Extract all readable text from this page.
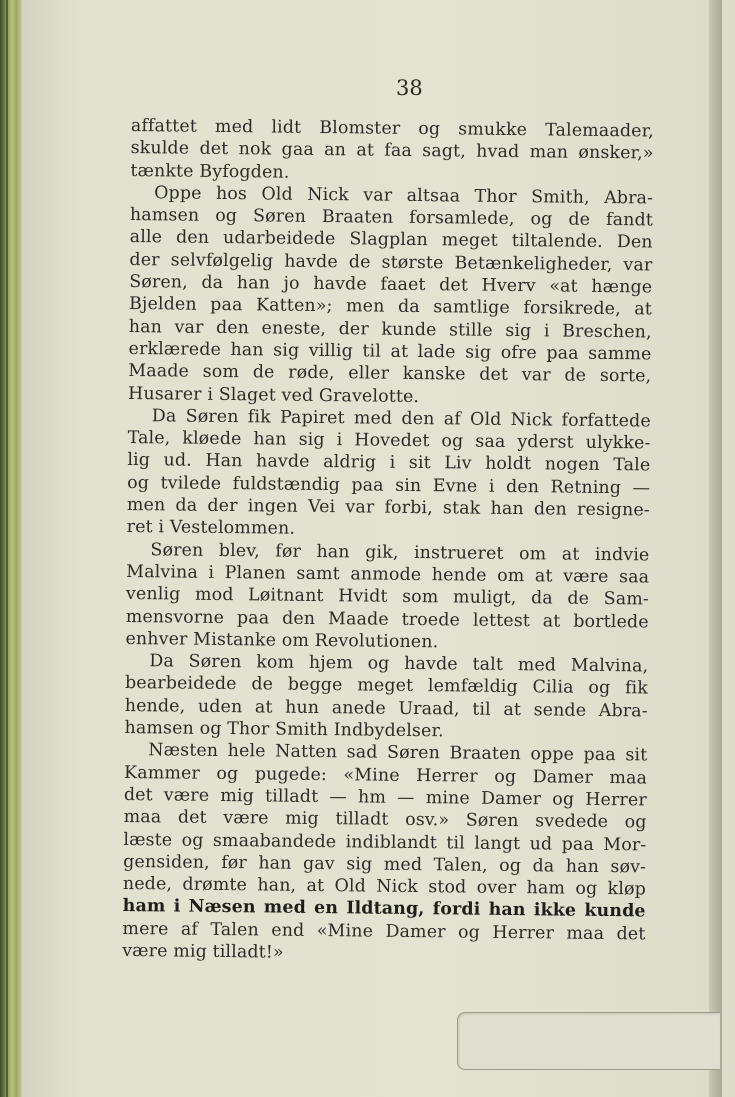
38
affattet med lidt Blomster og smukke Talemaader,
skulde det nok gaa an at faa sagt, hvad man ønsker,»
tænkte Byfogden.
Oppe hos Old Nick var altsaa Thor Smith, Abra-
hamsen og Søren Braaten forsamlede, og de fandt
alle den udarbeidede Slagplan meget tiltalende. Den
der selvfølgelig havde de største Betænkeligheder, var
Søren, da han jo havde faaet det Hverv «at hænge
Bjelden paa Katten»; men da samtlige forsikrede, at
han var den eneste, der kunde stille sig i Breschen,
erklærede han sig villig til at lade sig ofre paa samme
Maade som de røde, eller kanske det var de sorte,
Husarer i Slaget ved Gravelotte.
Da Søren fik Papiret med den af Old Nick forfattede
Tale, kløede han sig i Hovedet og saa yderst ulykke-
lig ud. Han havde aldrig i sit Liv holdt nogen Tale
og tvilede fuldstændig paa sin Evne i den Retning —
men da der ingen Vei var forbi, stak han den resigne-
ret i Vestelommen.
Søren blev, før han gik, instrueret om at indvie
Malvina i Planen samt anmode hende om at være saa
venlig mod Løitnant Hvidt som muligt, da de Sam-
mensvorne paa den Maade troede lettest at bortlede
enhver Mistanke om Revolutionen.
Da Søren kom hjem og havde talt med Malvina,
bearbeidede de begge meget lemfældig Cilia og fik
hende, uden at hun anede Uraad, til at sende Abra-
hamsen og Thor Smith Indbydelser.
Næsten hele Natten sad Søren Braaten oppe paa sit
Kammer og pugede: «Mine Herrer og Damer maa
det være mig tilladt — hm — mine Damer og Herrer
maa det være mig tilladt osv.» Søren svedede og
læste og smaabandede indiblandt til langt ud paa Mor-
gensiden, før han gav sig med Talen, og da han søv-
nede, drømte han, at Old Nick stod over ham og kløp
ham i Næsen med en Ildtang, fordi han ikke kunde
mere af Talen end «Mine Damer og Herrer maa det
være mig tilladt!»
